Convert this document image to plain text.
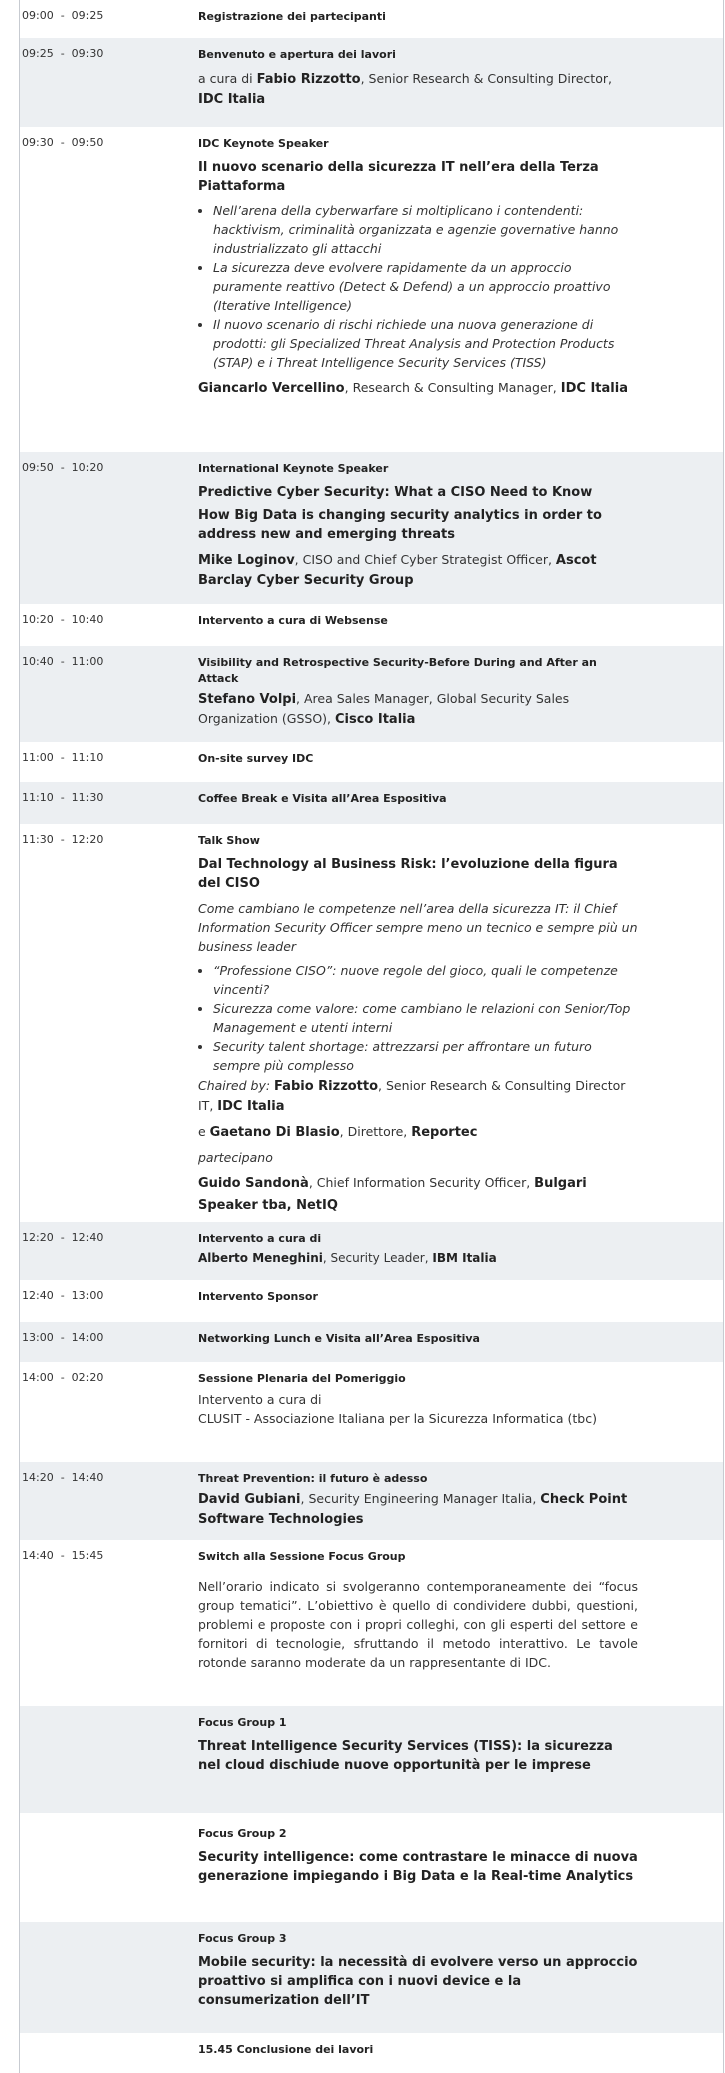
09:00  -  09:25	Registrazione dei partecipanti
09:25  -  09:30	Benvenuto e apertura dei lavori
a cura di Fabio Rizzotto, Senior Research & Consulting Director, IDC Italia
09:30  -  09:50	IDC Keynote Speaker
Il nuovo scenario della sicurezza IT nell’era della Terza Piattaforma
• Nell’arena della cyberwarfare si moltiplicano i contendenti: hacktivism, criminalità organizzata e agenzie governative hanno industrializzato gli attacchi
• La sicurezza deve evolvere rapidamente da un approccio puramente reattivo (Detect & Defend) a un approccio proattivo (Iterative Intelligence)
• Il nuovo scenario di rischi richiede una nuova generazione di prodotti: gli Specialized Threat Analysis and Protection Products (STAP) e i Threat Intelligence Security Services (TISS)
Giancarlo Vercellino, Research & Consulting Manager, IDC Italia
09:50  -  10:20	International Keynote Speaker
Predictive Cyber Security: What a CISO Need to Know
How Big Data is changing security analytics in order to address new and emerging threats
Mike Loginov, CISO and Chief Cyber Strategist Officer, Ascot Barclay Cyber Security Group
10:20  -  10:40	Intervento a cura di Websense
10:40  -  11:00	Visibility and Retrospective Security-Before During and After an Attack
Stefano Volpi, Area Sales Manager, Global Security Sales Organization (GSSO), Cisco Italia
11:00  -  11:10	On-site survey IDC
11:10  -  11:30	Coffee Break e Visita all’Area Espositiva
11:30  -  12:20	Talk Show
Dal Technology al Business Risk: l’evoluzione della figura del CISO
Come cambiano le competenze nell’area della sicurezza IT: il Chief Information Security Officer sempre meno un tecnico e sempre più un business leader
• “Professione CISO”: nuove regole del gioco, quali le competenze vincenti?
• Sicurezza come valore: come cambiano le relazioni con Senior/Top Management e utenti interni
• Security talent shortage: attrezzarsi per affrontare un futuro sempre più complesso
Chaired by: Fabio Rizzotto, Senior Research & Consulting Director IT, IDC Italia
e Gaetano Di Blasio, Direttore, Reportec
partecipano
Guido Sandonà, Chief Information Security Officer, Bulgari
Speaker tba, NetIQ
12:20  -  12:40	Intervento a cura di
Alberto Meneghini, Security Leader, IBM Italia
12:40  -  13:00	Intervento Sponsor
13:00  -  14:00	Networking Lunch e Visita all’Area Espositiva
14:00  -  02:20	Sessione Plenaria del Pomeriggio
Intervento a cura di
CLUSIT - Associazione Italiana per la Sicurezza Informatica (tbc)
14:20  -  14:40	Threat Prevention: il futuro è adesso
David Gubiani, Security Engineering Manager Italia, Check Point Software Technologies
14:40  -  15:45	Switch alla Sessione Focus Group
Nell’orario indicato si svolgeranno contemporaneamente dei “focus group tematici”. L’obiettivo è quello di condividere dubbi, questioni, problemi e proposte con i propri colleghi, con gli esperti del settore e fornitori di tecnologie, sfruttando il metodo interattivo. Le tavole rotonde saranno moderate da un rappresentante di IDC.
Focus Group 1
Threat Intelligence Security Services (TISS): la sicurezza nel cloud dischiude nuove opportunità per le imprese
Focus Group 2
Security intelligence: come contrastare le minacce di nuova generazione impiegando i Big Data e la Real-time Analytics
Focus Group 3
Mobile security: la necessità di evolvere verso un approccio proattivo si amplifica con i nuovi device e la consumerization dell’IT
15.45 Conclusione dei lavori
